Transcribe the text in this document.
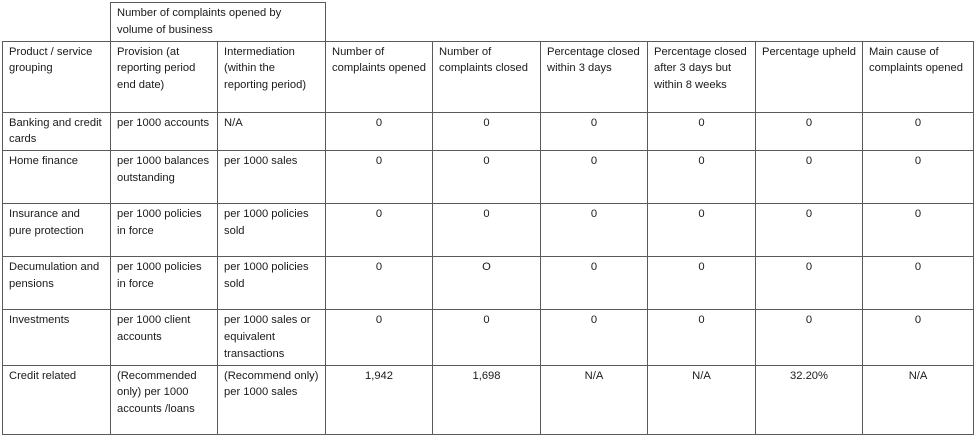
	Number of complaints opened by volume of business							
Product / service grouping	Provision (at reporting period end date)	Intermediation (within the reporting period)	Number of complaints opened	Number of complaints closed	Percentage closed within 3 days	Percentage closed after 3 days but within 8 weeks	Percentage upheld	Main cause of complaints opened
Banking and credit cards	per 1000 accounts	N/A	0	0	0	0	0	0
Home finance	per 1000 balances outstanding	per 1000 sales	0	0	0	0	0	0
Insurance and pure protection	per 1000 policies in force	per 1000 policies sold	0	0	0	0	0	0
Decumulation and pensions	per 1000 policies in force	per 1000 policies sold	0	O	0	0	0	0
Investments	per 1000 client accounts	per 1000 sales or equivalent transactions	0	0	0	0	0	0
Credit related	(Recommended only) per 1000 accounts /loans	(Recommend only) per 1000 sales	1,942	1,698	N/A	N/A	32.20%	N/A
